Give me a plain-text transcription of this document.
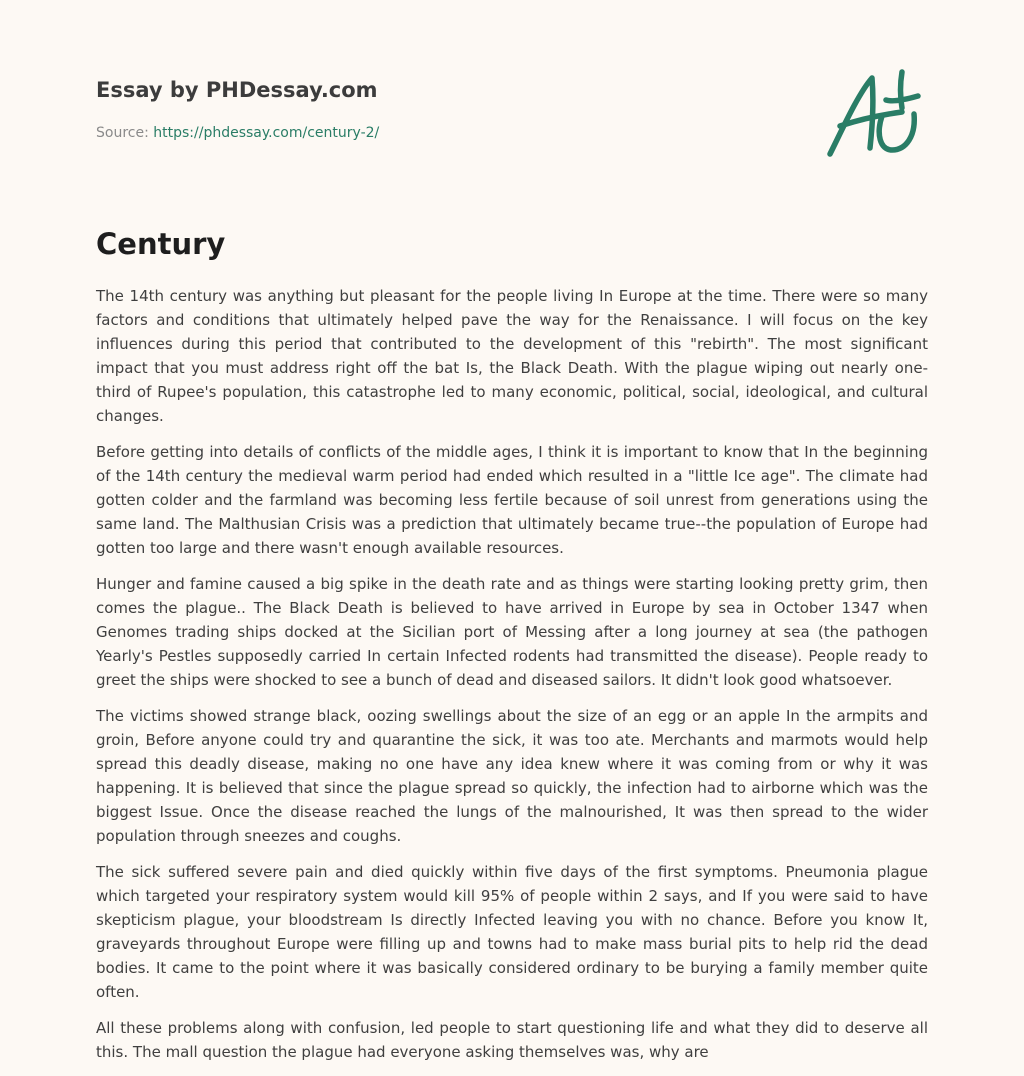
Essay by PHDessay.com
Source: https://phdessay.com/century-2/
Century

The 14th century was anything but pleasant for the people living In Europe at the time. There were so many factors and conditions that ultimately helped pave the way for the Renaissance. I will focus on the key influences during this period that contributed to the development of this "rebirth". The most significant impact that you must address right off the bat Is, the Black Death. With the plague wiping out nearly one-third of Rupee's population, this catastrophe led to many economic, political, social, ideological, and cultural changes.

Before getting into details of conflicts of the middle ages, I think it is important to know that In the beginning of the 14th century the medieval warm period had ended which resulted in a "little Ice age". The climate had gotten colder and the farmland was becoming less fertile because of soil unrest from generations using the same land. The Malthusian Crisis was a prediction that ultimately became true--the population of Europe had gotten too large and there wasn't enough available resources.

Hunger and famine caused a big spike in the death rate and as things were starting looking pretty grim, then comes the plague.. The Black Death is believed to have arrived in Europe by sea in October 1347 when Genomes trading ships docked at the Sicilian port of Messing after a long journey at sea (the pathogen Yearly's Pestles supposedly carried In certain Infected rodents had transmitted the disease). People ready to greet the ships were shocked to see a bunch of dead and diseased sailors. It didn't look good whatsoever.

The victims showed strange black, oozing swellings about the size of an egg or an apple In the armpits and groin, Before anyone could try and quarantine the sick, it was too ate. Merchants and marmots would help spread this deadly disease, making no one have any idea knew where it was coming from or why it was happening. It is believed that since the plague spread so quickly, the infection had to airborne which was the biggest Issue. Once the disease reached the lungs of the malnourished, It was then spread to the wider population through sneezes and coughs.

The sick suffered severe pain and died quickly within five days of the first symptoms. Pneumonia plague which targeted your respiratory system would kill 95% of people within 2 says, and If you were said to have skepticism plague, your bloodstream Is directly Infected leaving you with no chance. Before you know It, graveyards throughout Europe were filling up and towns had to make mass burial pits to help rid the dead bodies. It came to the point where it was basically considered ordinary to be burying a family member quite often.

All these problems along with confusion, led people to start questioning life and what they did to deserve all this. The mall question the plague had everyone asking themselves was, why are
